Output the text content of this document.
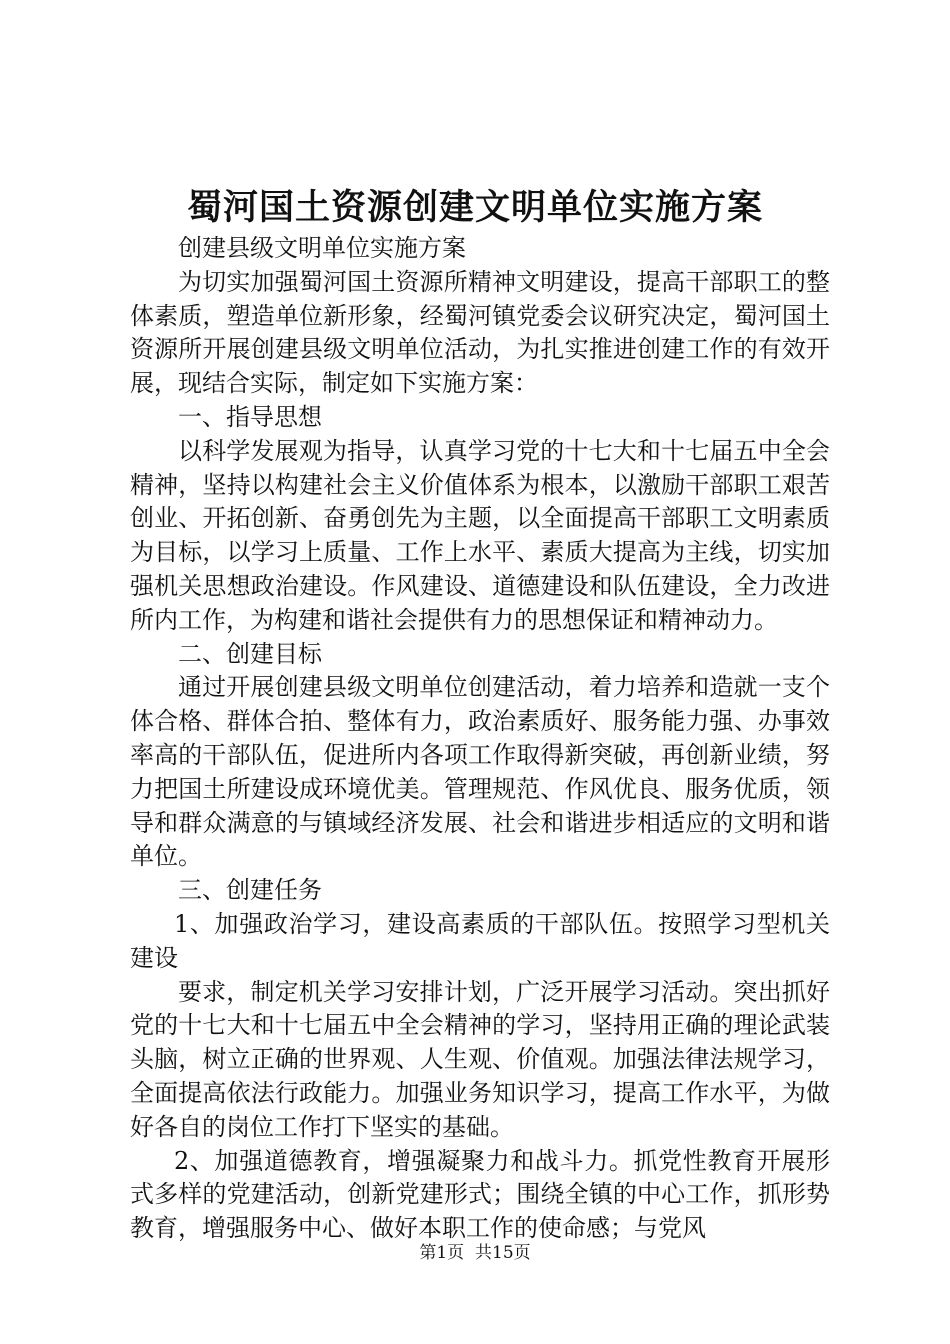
蜀河国土资源创建文明单位实施方案

创建县级文明单位实施方案

为切实加强蜀河国土资源所精神文明建设，提高干部职工的整体素质，塑造单位新形象，经蜀河镇党委会议研究决定，蜀河国土资源所开展创建县级文明单位活动，为扎实推进创建工作的有效开展，现结合实际，制定如下实施方案：

一、指导思想

以科学发展观为指导，认真学习党的十七大和十七届五中全会精神，坚持以构建社会主义价值体系为根本，以激励干部职工艰苦创业、开拓创新、奋勇创先为主题，以全面提高干部职工文明素质为目标，以学习上质量、工作上水平、素质大提高为主线，切实加强机关思想政治建设。作风建设、道德建设和队伍建设，全力改进所内工作，为构建和谐社会提供有力的思想保证和精神动力。

二、创建目标

通过开展创建县级文明单位创建活动，着力培养和造就一支个体合格、群体合拍、整体有力，政治素质好、服务能力强、办事效率高的干部队伍，促进所内各项工作取得新突破，再创新业绩，努力把国土所建设成环境优美。管理规范、作风优良、服务优质，领导和群众满意的与镇域经济发展、社会和谐进步相适应的文明和谐单位。

三、创建任务

1、加强政治学习，建设高素质的干部队伍。按照学习型机关建设

要求，制定机关学习安排计划，广泛开展学习活动。突出抓好党的十七大和十七届五中全会精神的学习，坚持用正确的理论武装头脑，树立正确的世界观、人生观、价值观。加强法律法规学习，全面提高依法行政能力。加强业务知识学习，提高工作水平，为做好各自的岗位工作打下坚实的基础。

2、加强道德教育，增强凝聚力和战斗力。抓党性教育开展形式多样的党建活动，创新党建形式；围绕全镇的中心工作，抓形势教育，增强服务中心、做好本职工作的使命感；与党风

第1页 共15页
